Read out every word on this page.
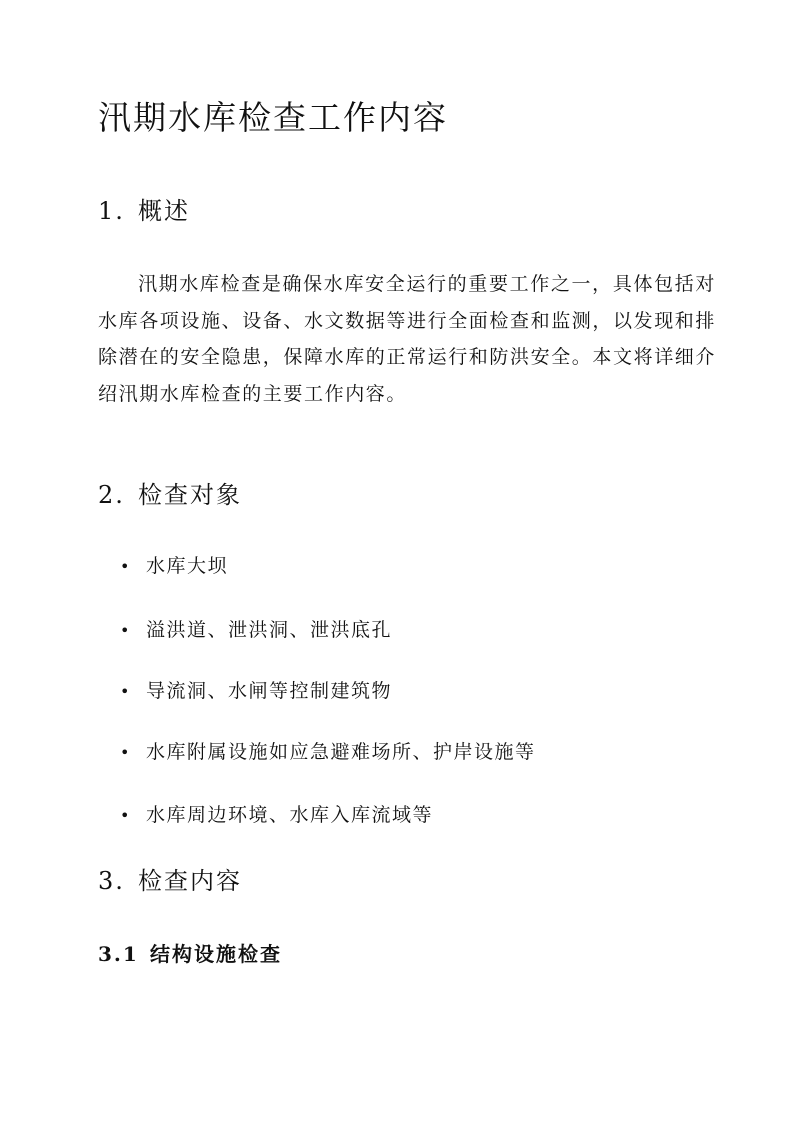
汛期水库检查工作内容
1. 概述

汛期水库检查是确保水库安全运行的重要工作之一，具体包括对水库各项设施、设备、水文数据等进行全面检查和监测，以发现和排除潜在的安全隐患，保障水库的正常运行和防洪安全。本文将详细介绍汛期水库检查的主要工作内容。

2. 检查对象
• 水库大坝
• 溢洪道、泄洪洞、泄洪底孔
• 导流洞、水闸等控制建筑物
• 水库附属设施如应急避难场所、护岸设施等
• 水库周边环境、水库入库流域等
3. 检查内容
3.1 结构设施检查
